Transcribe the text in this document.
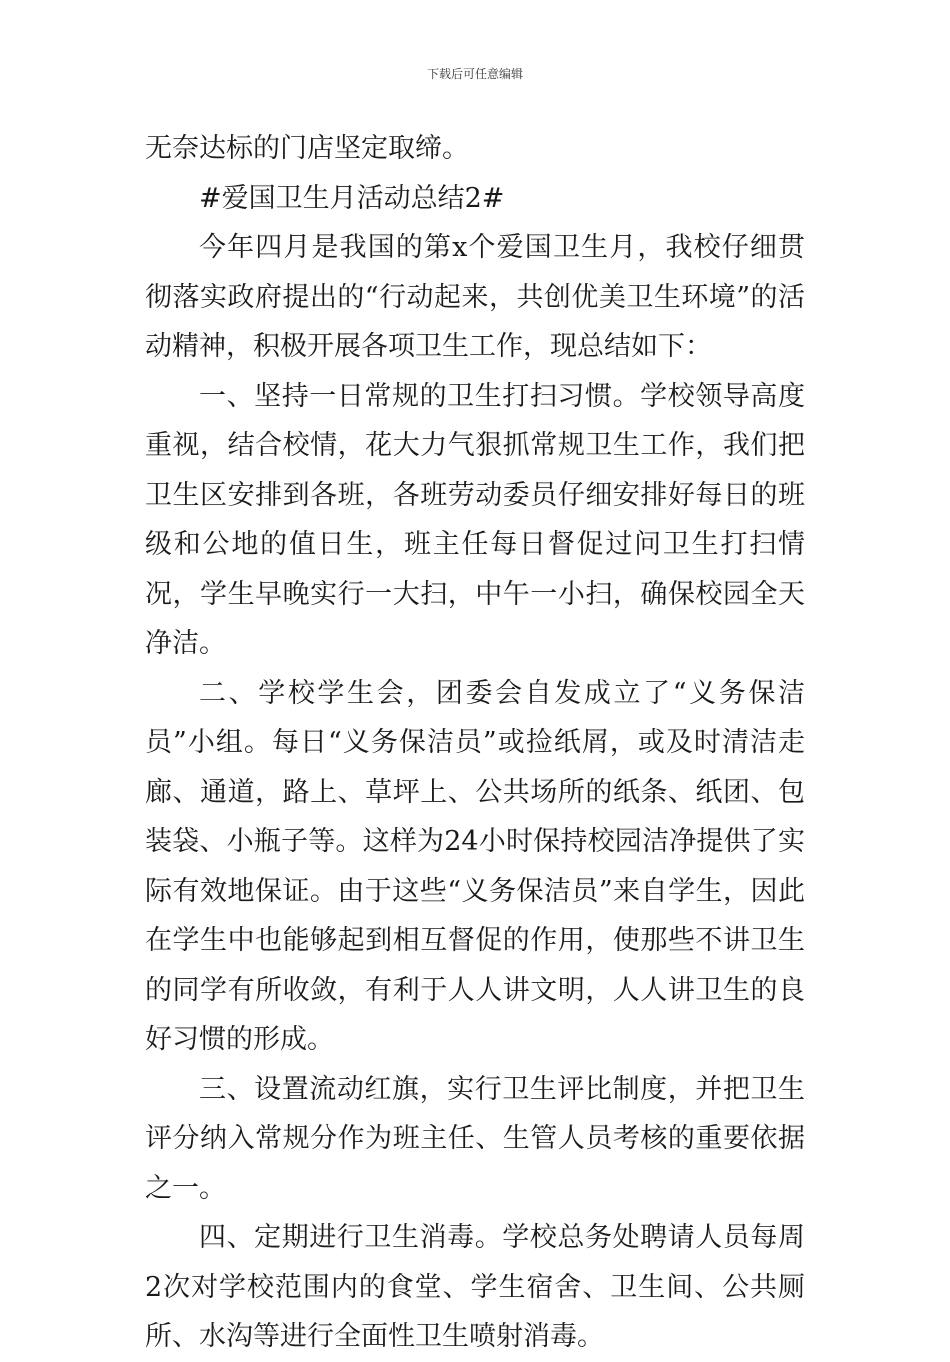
下载后可任意编辑

无奈达标的门店坚定取缔。

#爱国卫生月活动总结2#

今年四月是我国的第x个爱国卫生月，我校仔细贯彻落实政府提出的“行动起来，共创优美卫生环境”的活动精神，积极开展各项卫生工作，现总结如下：

一、坚持一日常规的卫生打扫习惯。学校领导高度重视，结合校情，花大力气狠抓常规卫生工作，我们把卫生区安排到各班，各班劳动委员仔细安排好每日的班级和公地的值日生，班主任每日督促过问卫生打扫情况，学生早晚实行一大扫，中午一小扫，确保校园全天净洁。

二、学校学生会，团委会自发成立了“义务保洁员”小组。每日“义务保洁员”或捡纸屑，或及时清洁走廊、通道，路上、草坪上、公共场所的纸条、纸团、包装袋、小瓶子等。这样为24小时保持校园洁净提供了实际有效地保证。由于这些“义务保洁员”来自学生，因此在学生中也能够起到相互督促的作用，使那些不讲卫生的同学有所收敛，有利于人人讲文明，人人讲卫生的良好习惯的形成。

三、设置流动红旗，实行卫生评比制度，并把卫生评分纳入常规分作为班主任、生管人员考核的重要依据之一。

四、定期进行卫生消毒。学校总务处聘请人员每周2次对学校范围内的食堂、学生宿舍、卫生间、公共厕所、水沟等进行全面性卫生喷射消毒。
